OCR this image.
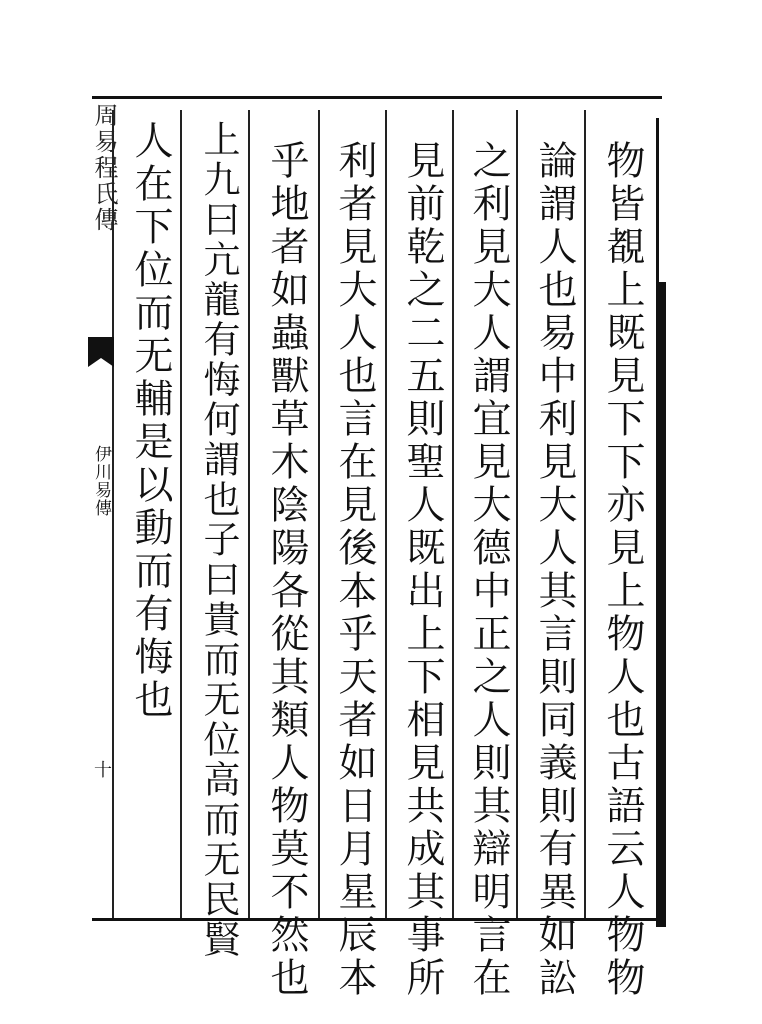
物皆覩上既見下下亦見上物人也古語云人物物
論謂人也易中利見大人其言則同義則有異如訟
之利見大人謂宜見大德中正之人則其辯明言在
見前乾之二五則聖人既出上下相見共成其事所
利者見大人也言在見後本乎天者如日月星辰本
乎地者如蟲獸草木陰陽各從其類人物莫不然也
上九曰亢龍有悔何謂也子曰貴而无位高而无民賢
人在下位而无輔是以動而有悔也
周易程氏傳
伊川易傳
十
